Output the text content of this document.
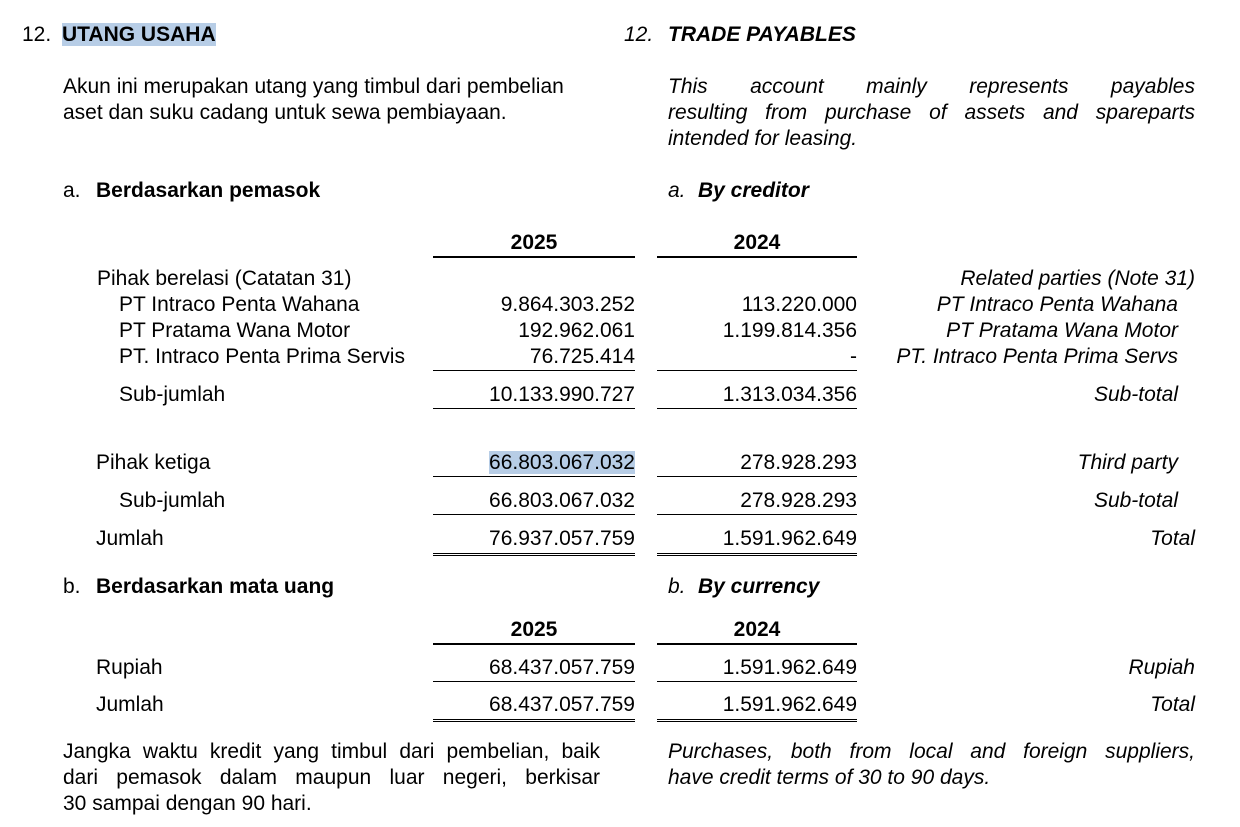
12. UTANG USAHA	12. TRADE PAYABLES
Akun ini merupakan utang yang timbul dari pembelian
aset dan suku cadang untuk sewa pembiayaan.
This account mainly represents payables
resulting from purchase of assets and spareparts
intended for leasing.
a. Berdasarkan pemasok	a. By creditor
2025	2024
Pihak berelasi (Catatan 31)	Related parties (Note 31)
PT Intraco Penta Wahana	9.864.303.252	113.220.000	PT Intraco Penta Wahana
PT Pratama Wana Motor	192.962.061	1.199.814.356	PT Pratama Wana Motor
PT. Intraco Penta Prima Servis	76.725.414	- PT. Intraco Penta Prima Servs
Sub-jumlah	10.133.990.727	1.313.034.356	Sub-total
Pihak ketiga	66.803.067.032	278.928.293	Third party
Sub-jumlah	66.803.067.032	278.928.293	Sub-total
Jumlah	76.937.057.759	1.591.962.649	Total
b. Berdasarkan mata uang	b. By currency
2025	2024
Rupiah	68.437.057.759	1.591.962.649	Rupiah
Jumlah	68.437.057.759	1.591.962.649	Total
Jangka waktu kredit yang timbul dari pembelian, baik
dari pemasok dalam maupun luar negeri, berkisar
30 sampai dengan 90 hari.
Purchases, both from local and foreign suppliers,
have credit terms of 30 to 90 days.
